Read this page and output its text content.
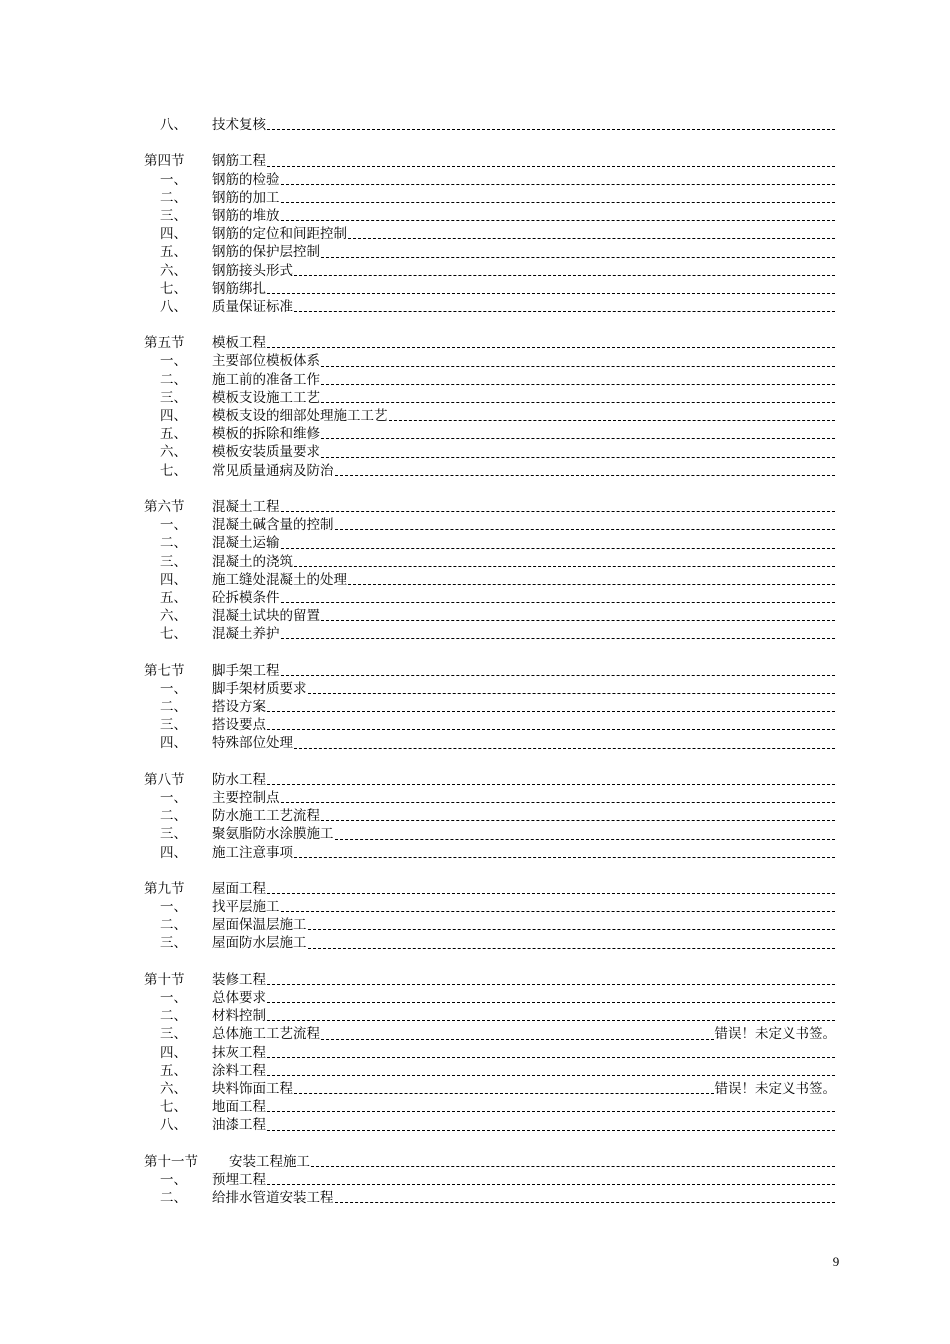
八、 技术复核
第四节 钢筋工程
一、 钢筋的检验
二、 钢筋的加工
三、 钢筋的堆放
四、 钢筋的定位和间距控制
五、 钢筋的保护层控制
六、 钢筋接头形式
七、 钢筋绑扎
八、 质量保证标准
第五节 模板工程
一、 主要部位模板体系
二、 施工前的准备工作
三、 模板支设施工工艺
四、 模板支设的细部处理施工工艺
五、 模板的拆除和维修
六、 模板安装质量要求
七、 常见质量通病及防治
第六节 混凝土工程
一、 混凝土碱含量的控制
二、 混凝土运输
三、 混凝土的浇筑
四、 施工缝处混凝土的处理
五、 砼拆模条件
六、 混凝土试块的留置
七、 混凝土养护
第七节 脚手架工程
一、 脚手架材质要求
二、 搭设方案
三、 搭设要点
四、 特殊部位处理
第八节 防水工程
一、 主要控制点
二、 防水施工工艺流程
三、 聚氨脂防水涂膜施工
四、 施工注意事项
第九节 屋面工程
一、 找平层施工
二、 屋面保温层施工
三、 屋面防水层施工
第十节 装修工程
一、 总体要求
二、 材料控制
三、 总体施工工艺流程	错误！未定义书签。
四、 抹灰工程
五、 涂料工程
六、 块料饰面工程	错误！未定义书签。
七、 地面工程
八、 油漆工程
第十一节 安装工程施工
一、 预埋工程
二、 给排水管道安装工程
9
